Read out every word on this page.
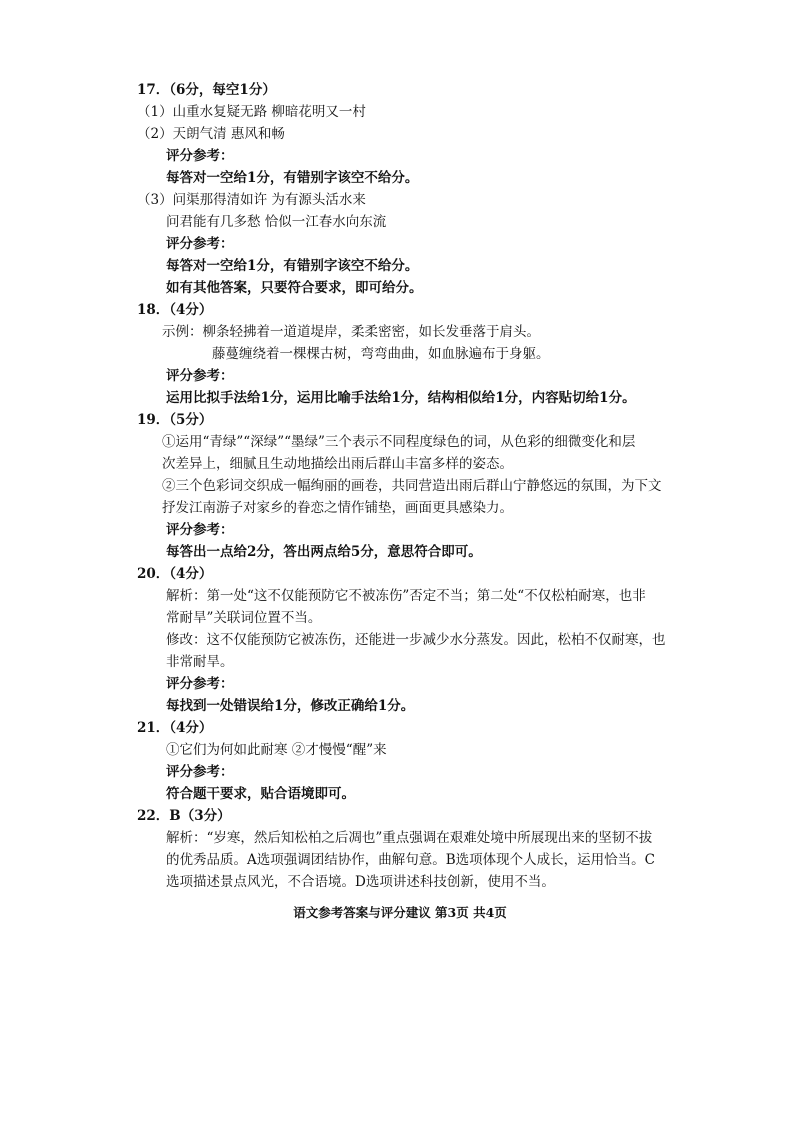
17．（6分，每空1分）
（1）山重水复疑无路 柳暗花明又一村
（2）天朗气清 惠风和畅
评分参考：
每答对一空给1分，有错别字该空不给分。
（3）问渠那得清如许 为有源头活水来
问君能有几多愁 恰似一江春水向东流
评分参考：
每答对一空给1分，有错别字该空不给分。
如有其他答案，只要符合要求，即可给分。
18．（4分）
示例：柳条轻拂着一道道堤岸，柔柔密密，如长发垂落于肩头。
藤蔓缠绕着一棵棵古树，弯弯曲曲，如血脉遍布于身躯。
评分参考：
运用比拟手法给1分，运用比喻手法给1分，结构相似给1分，内容贴切给1分。
19．（5分）
①运用“青绿”“深绿”“墨绿”三个表示不同程度绿色的词，从色彩的细微变化和层
次差异上，细腻且生动地描绘出雨后群山丰富多样的姿态。
②三个色彩词交织成一幅绚丽的画卷，共同营造出雨后群山宁静悠远的氛围，为下文
抒发江南游子对家乡的眷恋之情作铺垫，画面更具感染力。
评分参考：
每答出一点给2分，答出两点给5分，意思符合即可。
20．（4分）
解析：第一处“这不仅能预防它不被冻伤”否定不当；第二处“不仅松柏耐寒，也非
常耐旱”关联词位置不当。
修改：这不仅能预防它被冻伤，还能进一步减少水分蒸发。因此，松柏不仅耐寒，也
非常耐旱。
评分参考：
每找到一处错误给1分，修改正确给1分。
21．（4分）
①它们为何如此耐寒 ②才慢慢“醒”来
评分参考：
符合题干要求，贴合语境即可。
22．B（3分）
解析：“岁寒，然后知松柏之后凋也”重点强调在艰难处境中所展现出来的坚韧不拔
的优秀品质。A选项强调团结协作，曲解句意。B选项体现个人成长，运用恰当。C
选项描述景点风光，不合语境。D选项讲述科技创新，使用不当。
语文参考答案与评分建议 第3页 共4页
